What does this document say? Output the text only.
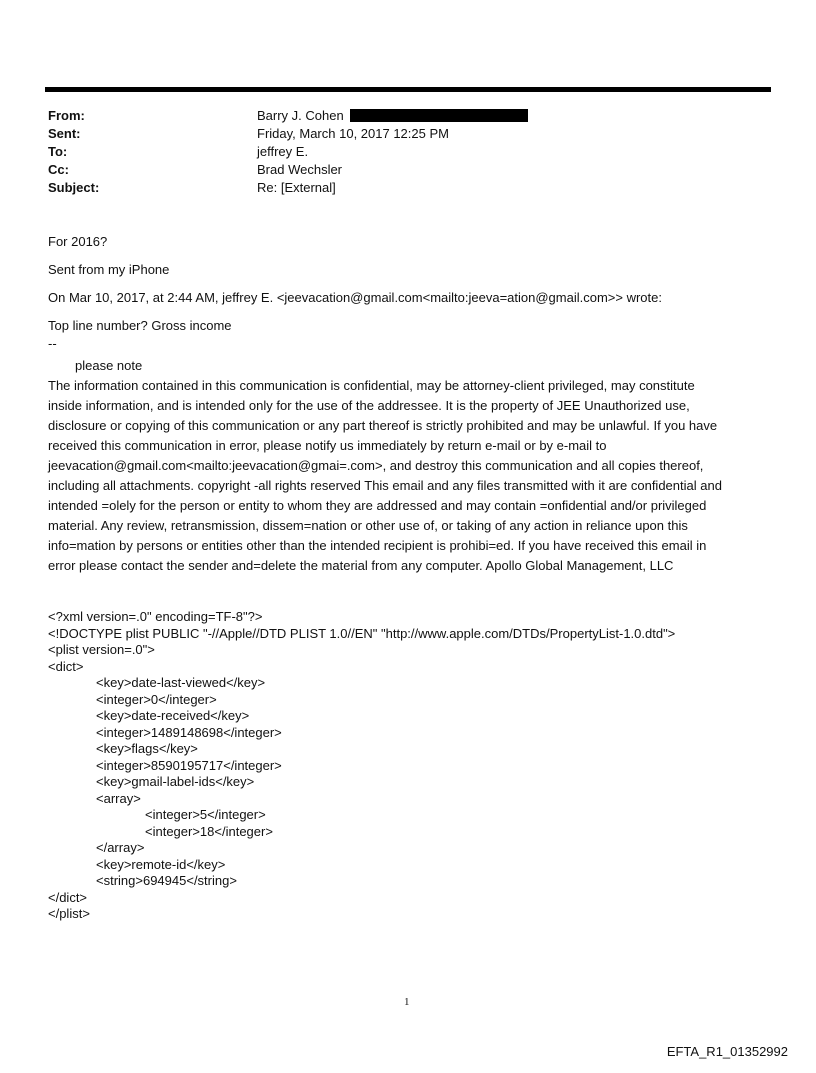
From:	Barry J. Cohen
Sent:	Friday, March 10, 2017 12:25 PM
To:	jeffrey E.
Cc:	Brad Wechsler
Subject:	Re: [External]
For 2016?
Sent from my iPhone
On Mar 10, 2017, at 2:44 AM, jeffrey E. <jeevacation@gmail.com<mailto:jeeva=ation@gmail.com>> wrote:
Top line number? Gross income
--
please note
The information contained in this communication is confidential, may be attorney-client privileged, may constitute
inside information, and is intended only for the use of the addressee. It is the property of JEE Unauthorized use,
disclosure or copying of this communication or any part thereof is strictly prohibited and may be unlawful. If you have
received this communication in error, please notify us immediately by return e-mail or by e-mail to
jeevacation@gmail.com<mailto:jeevacation@gmai=.com>, and destroy this communication and all copies thereof,
including all attachments. copyright -all rights reserved This email and any files transmitted with it are confidential and
intended =olely for the person or entity to whom they are addressed and may contain =onfidential and/or privileged
material. Any review, retransmission, dissem=nation or other use of, or taking of any action in reliance upon this
info=mation by persons or entities other than the intended recipient is prohibi=ed. If you have received this email in
error please contact the sender and=delete the material from any computer. Apollo Global Management, LLC
<?xml version=.0" encoding=TF-8"?>
<!DOCTYPE plist PUBLIC "-//Apple//DTD PLIST 1.0//EN" "http://www.apple.com/DTDs/PropertyList-1.0.dtd">
<plist version=.0">
<dict>
<key>date-last-viewed</key>
<integer>0</integer>
<key>date-received</key>
<integer>1489148698</integer>
<key>flags</key>
<integer>8590195717</integer>
<key>gmail-label-ids</key>
<array>
<integer>5</integer>
<integer>18</integer>
</array>
<key>remote-id</key>
<string>694945</string>
</dict>
</plist>
1
EFTA_R1_01352992
